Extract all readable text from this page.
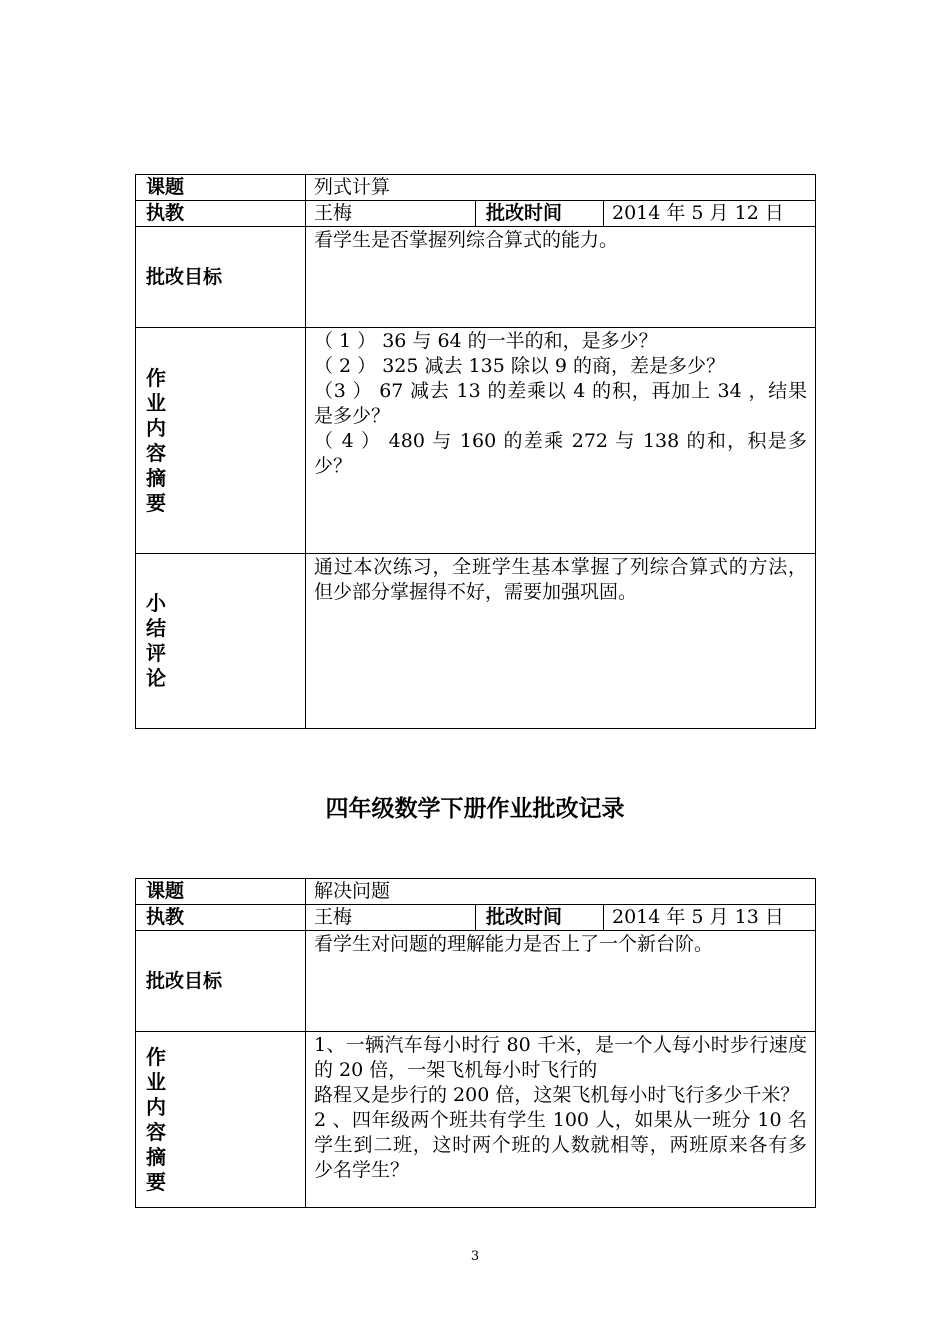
课题	列式计算		
执教	王梅	批改时间	2014 年 5 月 12 日
批改目标	看学生是否掌握列综合算式的能力。		

作业内容摘要	（ 1 ） 36 与 64 的一半的和，是多少？
（ 2 ） 325 减去 135 除以 9 的商，差是多少？
（3 ） 67 减去 13 的差乘以 4 的积，再加上 34 ，结果是多少？
（ 4 ） 480 与 160 的差乘 272 与 138 的和，积是多少？		

小结评论	通过本次练习，全班学生基本掌握了列综合算式的方法，但少部分掌握得不好，需要加强巩固。		
四年级数学下册作业批改记录
课题	解决问题		
执教	王梅	批改时间	2014 年 5 月 13 日
批改目标	看学生对问题的理解能力是否上了一个新台阶。		

作业内容摘要	1、一辆汽车每小时行 80 千米，是一个人每小时步行速度的 20 倍，一架飞机每小时飞行的
路程又是步行的 200 倍，这架飞机每小时飞行多少千米？
2 、四年级两个班共有学生 100 人，如果从一班分 10 名学生到二班，这时两个班的人数就相等，两班原来各有多少名学生？		
3
